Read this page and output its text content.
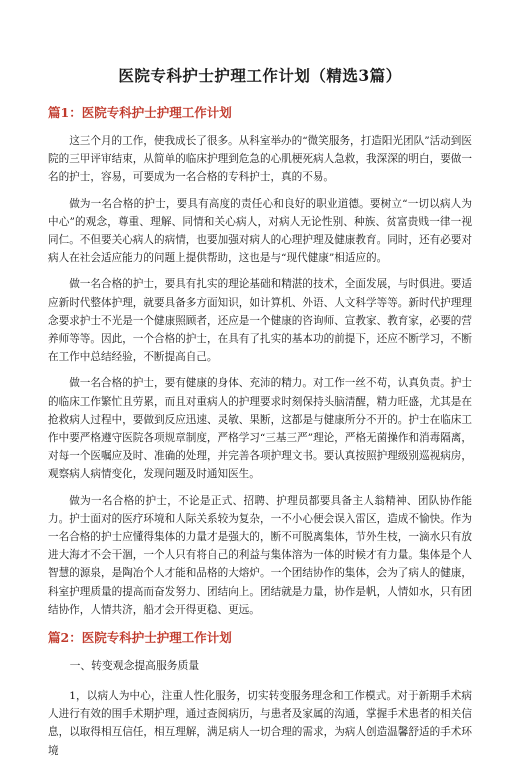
医院专科护士护理工作计划（精选3篇）
篇1：医院专科护士护理工作计划

这三个月的工作，使我成长了很多。从科室举办的“微笑服务，打造阳光团队”活动到医院的三甲评审结束，从简单的临床护理到危急的心肌梗死病人急救，我深深的明白，要做一名的护士，容易，可要成为一名合格的专科护士，真的不易。

做为一名合格的护士，要具有高度的责任心和良好的职业道德。要树立“一切以病人为中心”的观念，尊重、理解、同情和关心病人，对病人无论性别、种族、贫富贵贱一律一视同仁。不但要关心病人的病情，也要加强对病人的心理护理及健康教育。同时，还有必要对病人在社会适应能力的问题上提供帮助，这也是与“现代健康”相适应的。

做一名合格的护士，要具有扎实的理论基础和精湛的技术，全面发展，与时俱进。要适应新时代整体护理，就要具备多方面知识，如计算机、外语、人文科学等等。新时代护理理念要求护士不光是一个健康照顾者，还应是一个健康的咨询师、宣教家、教育家，必要的营养师等等。因此，一个合格的护士，在具有了扎实的基本功的前提下，还应不断学习，不断在工作中总结经验，不断提高自己。

做一名合格的护士，要有健康的身体、充沛的精力。对工作一丝不苟，认真负责。护士的临床工作繁忙且劳累，而且对重病人的护理要求时刻保持头脑清醒，精力旺盛，尤其是在抢救病人过程中，要做到反应迅速、灵敏、果断，这都是与健康所分不开的。护士在临床工作中要严格遵守医院各项规章制度，严格学习“三基三严”理论，严格无菌操作和消毒隔离，对每一个医嘱应及时、准确的处理，并完善各项护理文书。要认真按照护理级别巡视病房，观察病人病情变化，发现问题及时通知医生。

做为一名合格的护士，不论是正式、招聘、护理员都要具备主人翁精神、团队协作能力。护士面对的医疗环境和人际关系较为复杂，一不小心便会误入雷区，造成不愉快。作为一名合格的护士应懂得集体的力量才是强大的，断不可脱离集体，节外生枝，一滴水只有放进大海才不会干涸，一个人只有将自己的利益与集体溶为一体的时候才有力量。集体是个人智慧的源泉，是陶冶个人才能和品格的大熔炉。一个团结协作的集体，会为了病人的健康，科室护理质量的提高而奋发努力、团结向上。团结就是力量，协作是帆，人情如水，只有团结协作，人情共济，船才会开得更稳、更远。

篇2：医院专科护士护理工作计划

一、转变观念提高服务质量

1，以病人为中心，注重人性化服务，切实转变服务理念和工作模式。对于新期手术病人进行有效的围手术期护理，通过查阅病历，与患者及家属的沟通，掌握手术患者的相关信息，以取得相互信任，相互理解，满足病人一切合理的需求，为病人创造温馨舒适的手术环境
